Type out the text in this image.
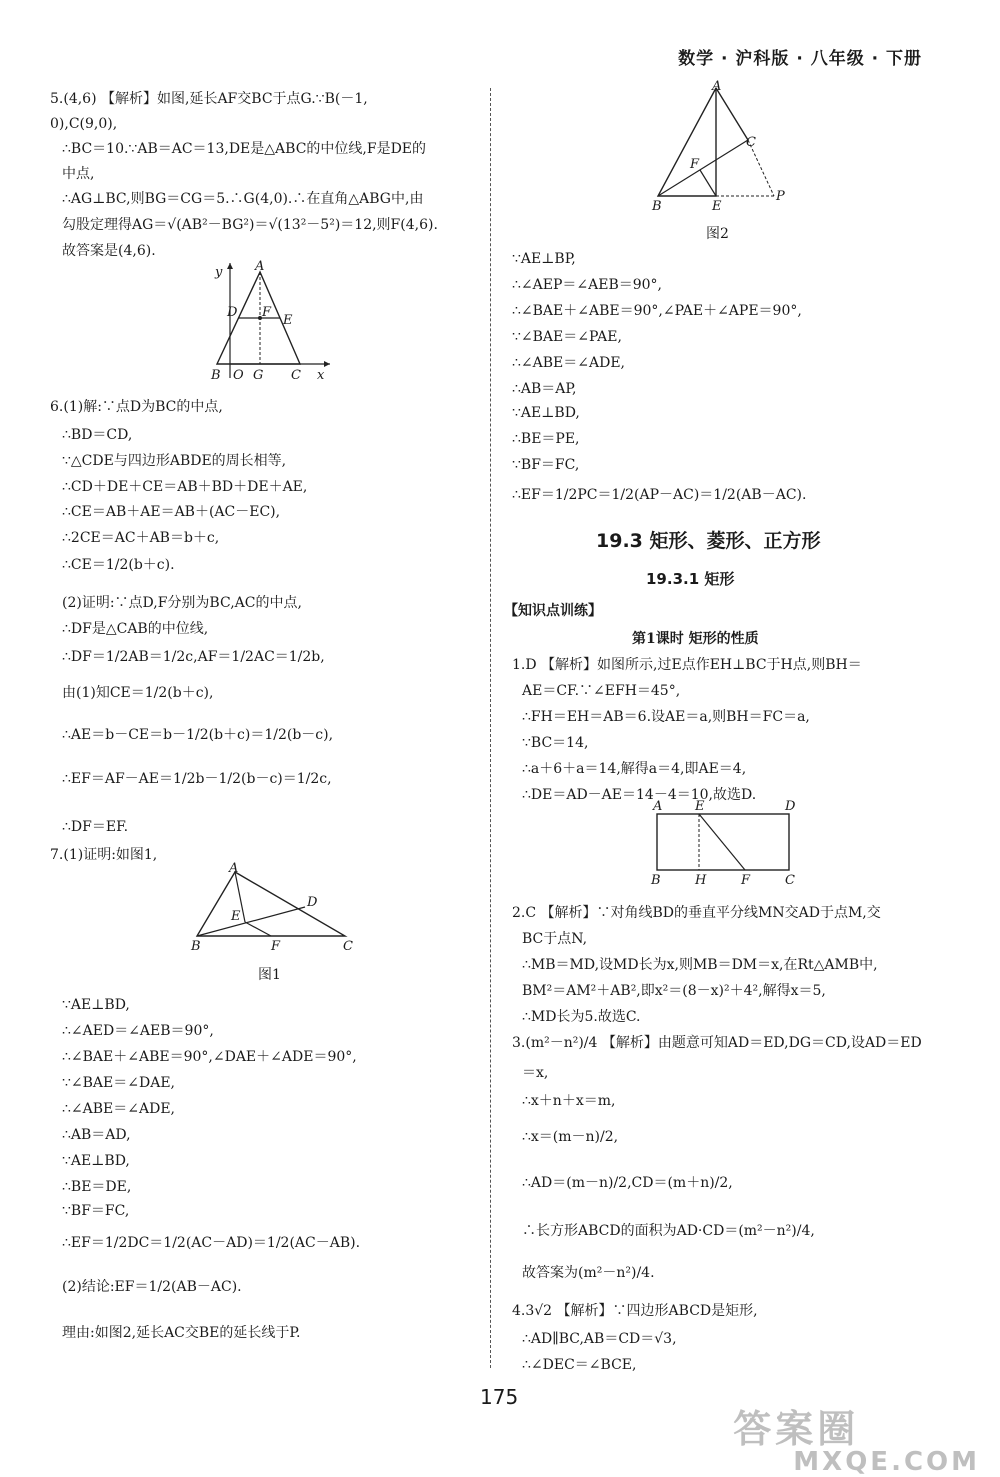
数学 · 沪科版 · 八年级 · 下册
5.(4,6) 【解析】如图,延长AF交BC于点G.∵B(－1,
0),C(9,0),
∴BC＝10.∵AB＝AC＝13,DE是△ABC的中位线,F是DE的
中点,
∴AG⊥BC,则BG＝CG＝5.∴G(4,0).∴在直角△ABG中,由
勾股定理得AG＝√(AB²－BG²)＝√(13²－5²)＝12,则F(4,6).
故答案是(4,6).
6.(1)解:∵点D为BC的中点,
∴BD＝CD,
∵△CDE与四边形ABDE的周长相等,
∴CD＋DE＋CE＝AB＋BD＋DE＋AE,
∴CE＝AB＋AE＝AB＋(AC－EC),
∴2CE＝AC＋AB＝b＋c,
∴CE＝1/2(b＋c).
(2)证明:∵点D,F分别为BC,AC的中点,
∴DF是△CAB的中位线,
∴DF＝1/2AB＝1/2c,AF＝1/2AC＝1/2b,
由(1)知CE＝1/2(b＋c),
∴AE＝b－CE＝b－1/2(b＋c)＝1/2(b－c),
∴EF＝AF－AE＝1/2b－1/2(b－c)＝1/2c,
∴DF＝EF.
7.(1)证明:如图1,
∵AE⊥BD,
∴∠AED＝∠AEB＝90°,
∴∠BAE＋∠ABE＝90°,∠DAE＋∠ADE＝90°,
∵∠BAE＝∠DAE,
∴∠ABE＝∠ADE,
∴AB＝AD,
∵AE⊥BD,
∴BE＝DE,
∵BF＝FC,
∴EF＝1/2DC＝1/2(AC－AD)＝1/2(AC－AB).
(2)结论:EF＝1/2(AB－AC).
理由:如图2,延长AC交BE的延长线于P.
y	A
D F
E
B O G C x
A
D
E
B	F	C
图1
∵AE⊥BP,
∴∠AEP＝∠AEB＝90°,
∴∠BAE＋∠ABE＝90°,∠PAE＋∠APE＝90°,
∵∠BAE＝∠PAE,
∴∠ABE＝∠ADE,
∴AB＝AP,
∵AE⊥BD,
∴BE＝PE,
∵BF＝FC,
∴EF＝1/2PC＝1/2(AP－AC)＝1/2(AB－AC).
19.3 矩形、菱形、正方形
19.3.1 矩形
【知识点训练】
第1课时 矩形的性质
1.D 【解析】如图所示,过E点作EH⊥BC于H点,则BH＝
AE＝CF.∵∠EFH＝45°,
∴FH＝EH＝AB＝6.设AE＝a,则BH＝FC＝a,
∵BC＝14,
∴a＋6＋a＝14,解得a＝4,即AE＝4,
∴DE＝AD－AE＝14－4＝10,故选D.
2.C 【解析】∵对角线BD的垂直平分线MN交AD于点M,交
BC于点N,
∴MB＝MD,设MD长为x,则MB＝DM＝x,在Rt△AMB中,
BM²＝AM²＋AB²,即x²＝(8－x)²＋4²,解得x＝5,
∴MD长为5.故选C.
3.(m²－n²)/4 【解析】由题意可知AD＝ED,DG＝CD,设AD＝ED
＝x,
∴x＋n＋x＝m,
∴x＝(m－n)/2,
∴AD＝(m－n)/2,CD＝(m＋n)/2,
∴长方形ABCD的面积为AD·CD＝(m²－n²)/4,
故答案为(m²－n²)/4.
4.3√2 【解析】∵四边形ABCD是矩形,
∴AD∥BC,AB＝CD＝√3,
∴∠DEC＝∠BCE,
A
C
F
B	E
P
图2
A	E	D
B	H	F	C
175
答案圈
MXQE.COM
